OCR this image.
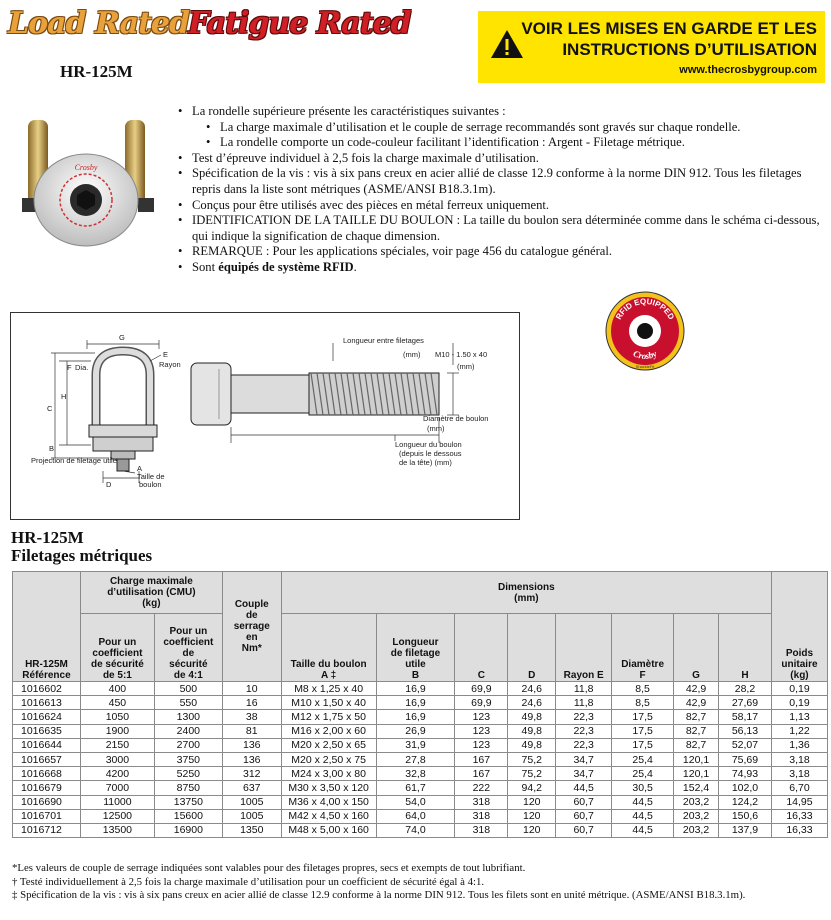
Load Rated Fatigue Rated
HR-125M
VOIR LES MISES EN GARDE ET LES
INSTRUCTIONS D’UTILISATION
www.thecrosbygroup.com
Crosby
• La rondelle supérieure présente les caractéristiques suivantes :
• La charge maximale d’utilisation et le couple de serrage recommandés sont gravés sur chaque rondelle.
• La rondelle comporte un code-couleur facilitant l’identification : Argent - Filetage métrique.
• Test d’épreuve individuel à 2,5 fois la charge maximale d’utilisation.
• Spécification de la vis : vis à six pans creux en acier allié de classe 12.9 conforme à la norme DIN 912. Tous les filetages repris dans la liste sont métriques (ASME/ANSI B18.3.1m).
• Conçus pour être utilisés avec des pièces en métal ferreux uniquement.
• IDENTIFICATION DE LA TAILLE DU BOULON : La taille du boulon sera déterminée comme dans le schéma ci-dessous, qui indique la signification de chaque dimension.
• REMARQUE : Pour les applications spéciales, voir page 456 du catalogue général.
• Sont équipés de système RFID.
RFID EQUIPPED
Crosby
ShackleFit
G
E
Rayon
F Dia.
H
C
B
Projection de filetage utile
A
Taille de
boulon
D
Longueur entre filetages
(mm) M10 - 1.50 x 40
(mm)
Diamètre de boulon
(mm)
Longueur du boulon
(depuis le dessous
de la tête) (mm)
HR-125M
Filetages métriques
HR-125M
Référence	Charge maximale
d’utilisation (CMU)
(kg)		Couple
de
serrage
en
Nm*	Dimensions
(mm)								Poids
unitaire
(kg)
	Pour un
coefficient
de sécurité
de 5:1	Pour un
coefficient
de
sécurité
de 4:1		Taille du boulon
A ‡	Longueur
de filetage
utile
B	C	D	Rayon E	Diamètre
F	G	H	
1016602	400	500	10	M8 x 1,25 x 40	16,9	69,9	24,6	11,8	8,5	42,9	28,2	0,19
1016613	450	550	16	M10 x 1,50 x 40	16,9	69,9	24,6	11,8	8,5	42,9	27,69	0,19
1016624	1050	1300	38	M12 x 1,75 x 50	16,9	123	49,8	22,3	17,5	82,7	58,17	1,13
1016635	1900	2400	81	M16 x 2,00 x 60	26,9	123	49,8	22,3	17,5	82,7	56,13	1,22
1016644	2150	2700	136	M20 x 2,50 x 65	31,9	123	49,8	22,3	17,5	82,7	52,07	1,36
1016657	3000	3750	136	M20 x 2,50 x 75	27,8	167	75,2	34,7	25,4	120,1	75,69	3,18
1016668	4200	5250	312	M24 x 3,00 x 80	32,8	167	75,2	34,7	25,4	120,1	74,93	3,18
1016679	7000	8750	637	M30 x 3,50 x 120	61,7	222	94,2	44,5	30,5	152,4	102,0	6,70
1016690	11000	13750	1005	M36 x 4,00 x 150	54,0	318	120	60,7	44,5	203,2	124,2	14,95
1016701	12500	15600	1005	M42 x 4,50 x 160	64,0	318	120	60,7	44,5	203,2	150,6	16,33
1016712	13500	16900	1350	M48 x 5,00 x 160	74,0	318	120	60,7	44,5	203,2	137,9	16,33
*Les valeurs de couple de serrage indiquées sont valables pour des filetages propres, secs et exempts de tout lubrifiant.
† Testé individuellement à 2,5 fois la charge maximale d’utilisation pour un coefficient de sécurité égal à 4:1.
‡ Spécification de la vis : vis à six pans creux en acier allié de classe 12.9 conforme à la norme DIN 912. Tous les filets sont en unité métrique. (ASME/ANSI B18.3.1m).
